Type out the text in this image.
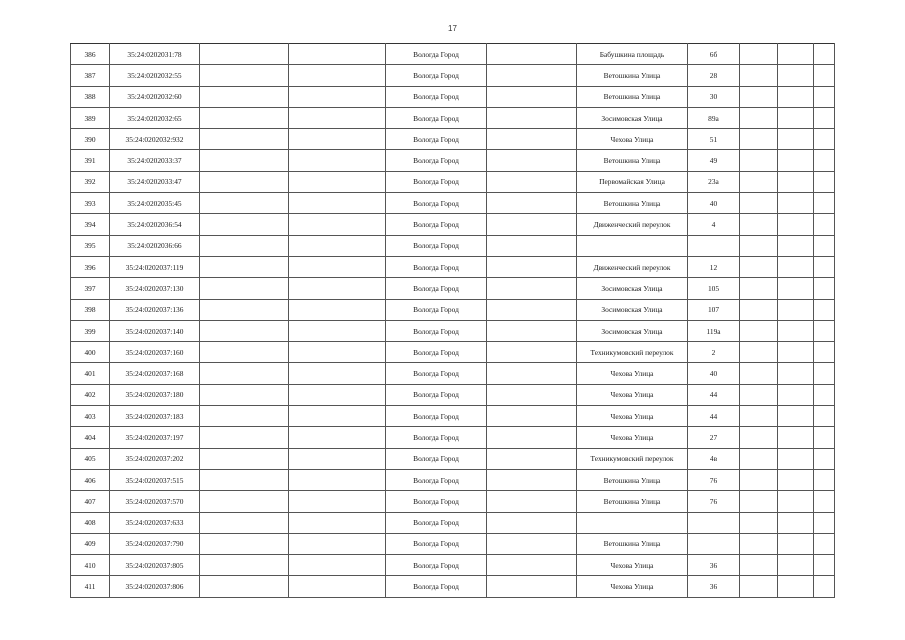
17
386	35:24:0202031:78			Вологда Город		Бабушкина площадь	6б			
387	35:24:0202032:55			Вологда Город		Ветошкина Улица	28			
388	35:24:0202032:60			Вологда Город		Ветошкина Улица	30			
389	35:24:0202032:65			Вологда Город		Зосимовская Улица	89а			
390	35:24:0202032:932			Вологда Город		Чехова Улица	51			
391	35:24:0202033:37			Вологда Город		Ветошкина Улица	49			
392	35:24:0202033:47			Вологда Город		Первомайская Улица	23а			
393	35:24:0202035:45			Вологда Город		Ветошкина Улица	40			
394	35:24:0202036:54			Вологда Город		Движенческий переулок	4			
395	35:24:0202036:66			Вологда Город						
396	35:24:0202037:119			Вологда Город		Движенческий переулок	12			
397	35:24:0202037:130			Вологда Город		Зосимовская Улица	105			
398	35:24:0202037:136			Вологда Город		Зосимовская Улица	107			
399	35:24:0202037:140			Вологда Город		Зосимовская Улица	119а			
400	35:24:0202037:160			Вологда Город		Техникумовский переулок	2			
401	35:24:0202037:168			Вологда Город		Чехова Улица	40			
402	35:24:0202037:180			Вологда Город		Чехова Улица	44			
403	35:24:0202037:183			Вологда Город		Чехова Улица	44			
404	35:24:0202037:197			Вологда Город		Чехова Улица	27			
405	35:24:0202037:202			Вологда Город		Техникумовский переулок	4в			
406	35:24:0202037:515			Вологда Город		Ветошкина Улица	76			
407	35:24:0202037:570			Вологда Город		Ветошкина Улица	76			
408	35:24:0202037:633			Вологда Город						
409	35:24:0202037:790			Вологда Город		Ветошкина Улица				
410	35:24:0202037:805			Вологда Город		Чехова Улица	36			
411	35:24:0202037:806			Вологда Город		Чехова Улица	36			
